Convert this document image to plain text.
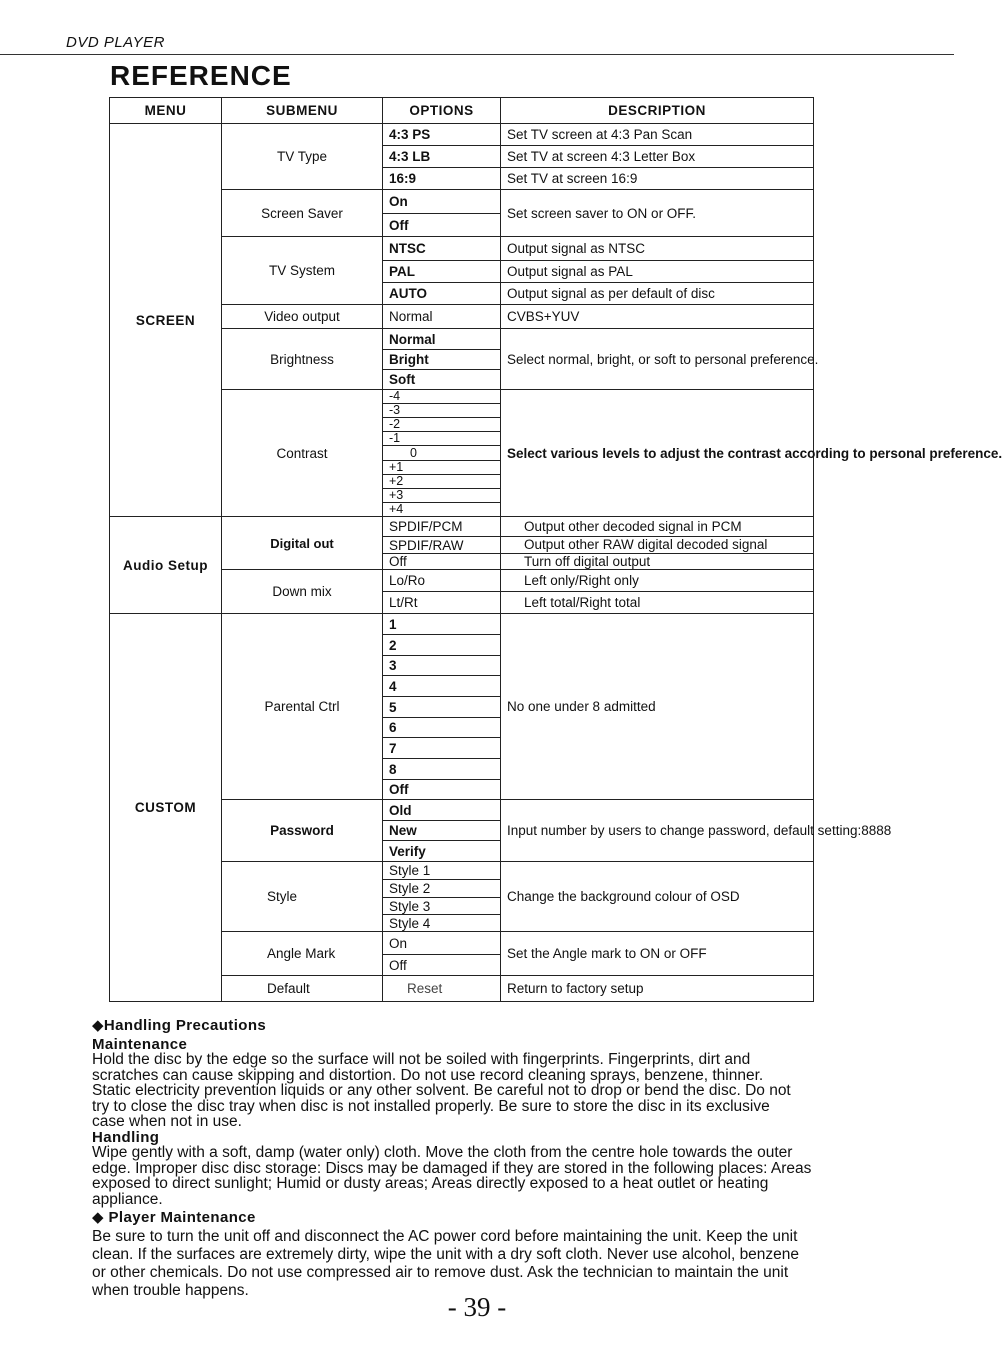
DVD PLAYER
REFERENCE
MENU	SUBMENU	OPTIONS	DESCRIPTION
SCREEN	TV Type	4:3 PS	Set TV screen at 4:3 Pan Scan
		4:3 LB	Set TV at screen 4:3 Letter Box
		16:9	Set TV at screen 16:9
	Screen Saver	On	Set screen saver to ON or OFF.
		Off	
	TV System	NTSC	Output signal as NTSC
		PAL	Output signal as PAL
		AUTO	Output signal as per default of disc
	Video output	Normal	CVBS+YUV
	Brightness	Normal	Select normal, bright, or soft to personal preference.
		Bright	
		Soft	
	Contrast	-4	Select various levels to adjust the contrast according to personal preference.
		-3	
		-2	
		-1	
		0	
		+1	
		+2	
		+3	
		+4	
Audio Setup	Digital out	SPDIF/PCM	Output other decoded signal in PCM
		SPDIF/RAW	Output other RAW digital decoded signal
		Off	Turn off digital output
	Down mix	Lo/Ro	Left only/Right only
		Lt/Rt	Left total/Right total
CUSTOM	Parental Ctrl	1	No one under 8 admitted
		2	
		3	
		4	
		5	
		6	
		7	
		8	
		Off	
	Password	Old	Input number by users to change password, default setting:8888
		New	
		Verify	
	Style	Style 1	Change the background colour of OSD
		Style 2	
		Style 3	
		Style 4	
	Angle Mark	On	Set the Angle mark to ON or OFF
		Off	
	Default	Reset	Return to factory setup

◆Handling Precautions

Maintenance

Hold the disc by the edge so the surface will not be soiled with fingerprints. Fingerprints, dirt and

scratches can cause skipping and distortion. Do not use record cleaning sprays, benzene, thinner.

Static electricity prevention liquids or any other solvent. Be careful not to drop or bend the disc. Do not

try to close the disc tray when disc is not installed properly. Be sure to store the disc in its exclusive

case when not in use.

Handling

Wipe gently with a soft, damp (water only) cloth. Move the cloth from the centre hole towards the outer

edge. Improper disc disc storage: Discs may be damaged if they are stored in the following places: Areas

exposed to direct sunlight; Humid or dusty areas; Areas directly exposed to a heat outlet or heating

appliance.

◆ Player Maintenance

Be sure to turn the unit off and disconnect the AC power cord before maintaining the unit. Keep the unit

clean. If the surfaces are extremely dirty, wipe the unit with a dry soft cloth. Never use alcohol, benzene

or other chemicals. Do not use compressed air to remove dust. Ask the technician to maintain the unit

when trouble happens.

- 39 -
